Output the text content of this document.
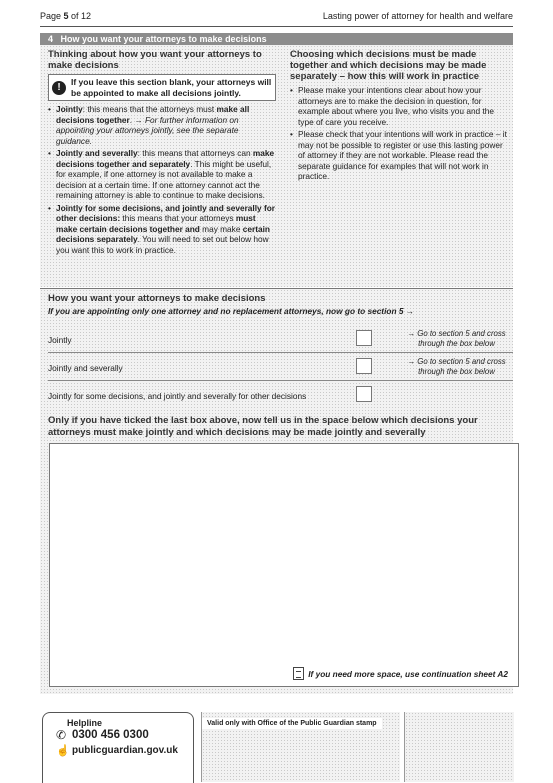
Page 5 of 12	Lasting power of attorney for health and welfare
4 How you want your attorneys to make decisions
Thinking about how you want your attorneys to make decisions
!	If you leave this section blank, your attorneys will be appointed to make all decisions jointly.
• Jointly: this means that the attorneys must make all decisions together. → For further information on appointing your attorneys jointly, see the separate guidance.
• Jointly and severally: this means that attorneys can make decisions together and separately. This might be useful, for example, if one attorney is not available to make a decision at a certain time. If one attorney cannot act the remaining attorney is able to continue to make decisions.
• Jointly for some decisions, and jointly and severally for other decisions: this means that your attorneys must make certain decisions together and may make certain decisions separately. You will need to set out below how you want this to work in practice.
Choosing which decisions must be made together and which decisions may be made separately – how this will work in practice
• Please make your intentions clear about how your attorneys are to make the decision in question, for example about where you live, who visits you and the type of care you receive.
• Please check that your intentions will work in practice – it may not be possible to register or use this lasting power of attorney if they are not workable. Please read the separate guidance for examples that will not work in practice.
How you want your attorneys to make decisions
If you are appointing only one attorney and no replacement attorneys, now go to section 5 →
Jointly
→ Go to section 5 and cross
through the box below
Jointly and severally
→ Go to section 5 and cross
through the box below
Jointly for some decisions, and jointly and severally for other decisions
Only if you have ticked the last box above, now tell us in the space below which decisions your attorneys must make jointly and which decisions may be made jointly and severally
If you need more space, use continuation sheet A2
Helpline
✆ 0300 456 0300
☝ publicguardian.gov.uk
Valid only with Office of the Public Guardian stamp
